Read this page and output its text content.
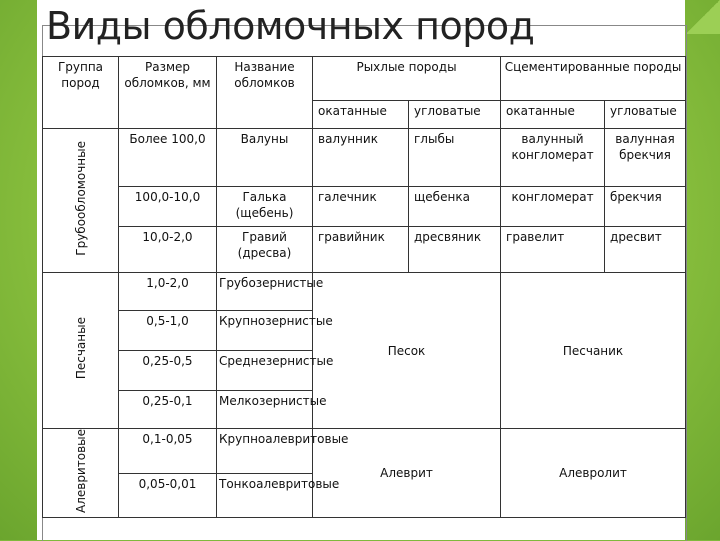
Виды обломочных пород
Группа пород	Размер обломков, мм	Название обломков	Рыхлые породы		Сцементированные породы	
			окатанные	угловатые	окатанные	угловатые
Грубообломочные	Более 100,0	Валуны	валунник	глыбы	валунный конгломерат	валунная брекчия
	100,0-10,0	Галька (щебень)	галечник	щебенка	конгломерат	брекчия
	10,0-2,0	Гравий (дресва)	гравийник	дресвяник	гравелит	дресвит
Песчаные	1,0-2,0	Грубозернистые	Песок		Песчаник	
	0,5-1,0	Крупнозернистые				
	0,25-0,5	Среднезернистые				
	0,25-0,1	Мелкозернистые				
Алевритовые	0,1-0,05	Крупноалевритовые	Алеврит		Алевролит	
	0,05-0,01	Тонкоалевритовые				
